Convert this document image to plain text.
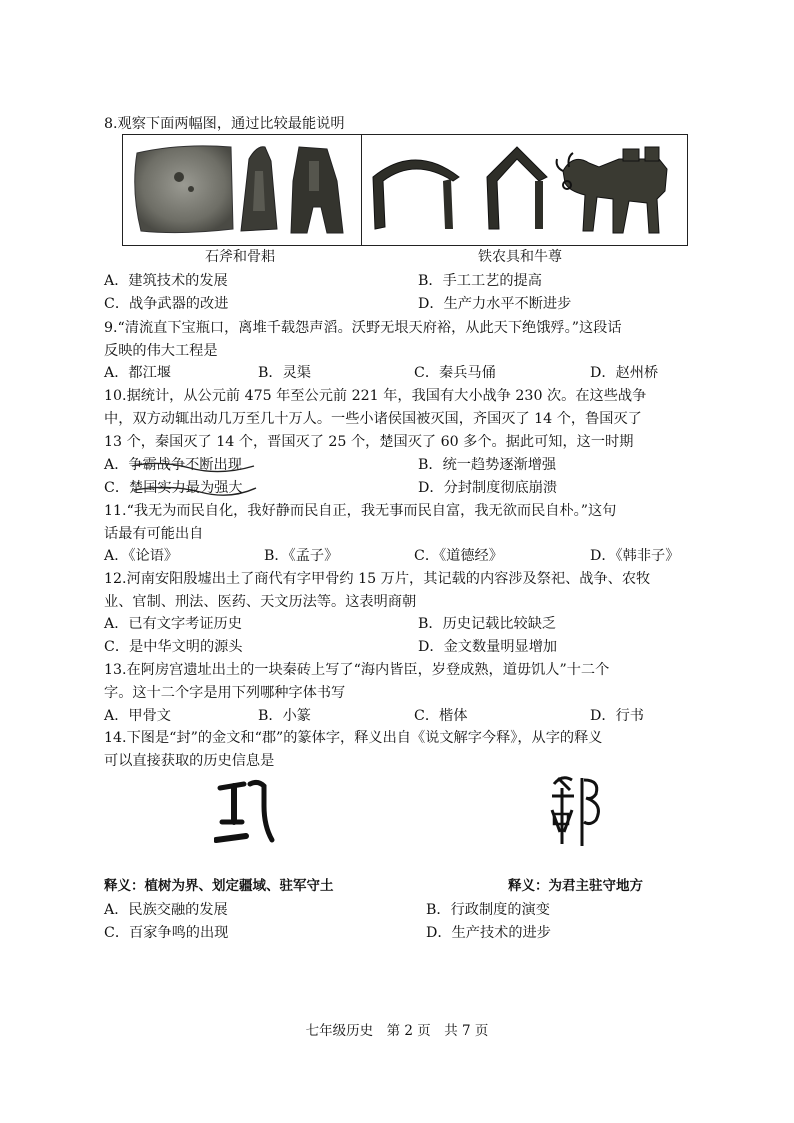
8.观察下面两幅图，通过比较最能说明
石斧和骨耜	铁农具和牛尊
A．建筑技术的发展	B．手工工艺的提高
C．战争武器的改进	D．生产力水平不断进步
9.“清流直下宝瓶口，离堆千载怨声滔。沃野无垠天府裕，从此天下绝饿殍。”这段话
反映的伟大工程是
A．都江堰	B．灵渠	C．秦兵马俑	D．赵州桥
10.据统计，从公元前 475 年至公元前 221 年，我国有大小战争 230 次。在这些战争
中，双方动辄出动几万至几十万人。一些小诸侯国被灭国，齐国灭了 14 个，鲁国灭了
13 个，秦国灭了 14 个，晋国灭了 25 个，楚国灭了 60 多个。据此可知，这一时期
A．争霸战争不断出现	B．统一趋势逐渐增强
C．楚国实力最为强大	D．分封制度彻底崩溃
11.“我无为而民自化，我好静而民自正，我无事而民自富，我无欲而民自朴。”这句
话最有可能出自
A．《论语》	B．《孟子》	C．《道德经》	D．《韩非子》
12.河南安阳殷墟出土了商代有字甲骨约 15 万片，其记载的内容涉及祭祀、战争、农牧
业、官制、刑法、医药、天文历法等。这表明商朝
A．已有文字考证历史	B．历史记载比较缺乏
C．是中华文明的源头	D．金文数量明显增加
13.在阿房宫遗址出土的一块秦砖上写了“海内皆臣，岁登成熟，道毋饥人”十二个
字。这十二个字是用下列哪种字体书写
A．甲骨文	B．小篆	C．楷体	D．行书
14.下图是“封”的金文和“郡”的篆体字，释义出自《说文解字今释》，从字的释义
可以直接获取的历史信息是
释义：植树为界、划定疆域、驻军守土	释义：为君主驻守地方
A．民族交融的发展	B．行政制度的演变
C．百家争鸣的出现	D．生产技术的进步
七年级历史　第 2 页　共 7 页
